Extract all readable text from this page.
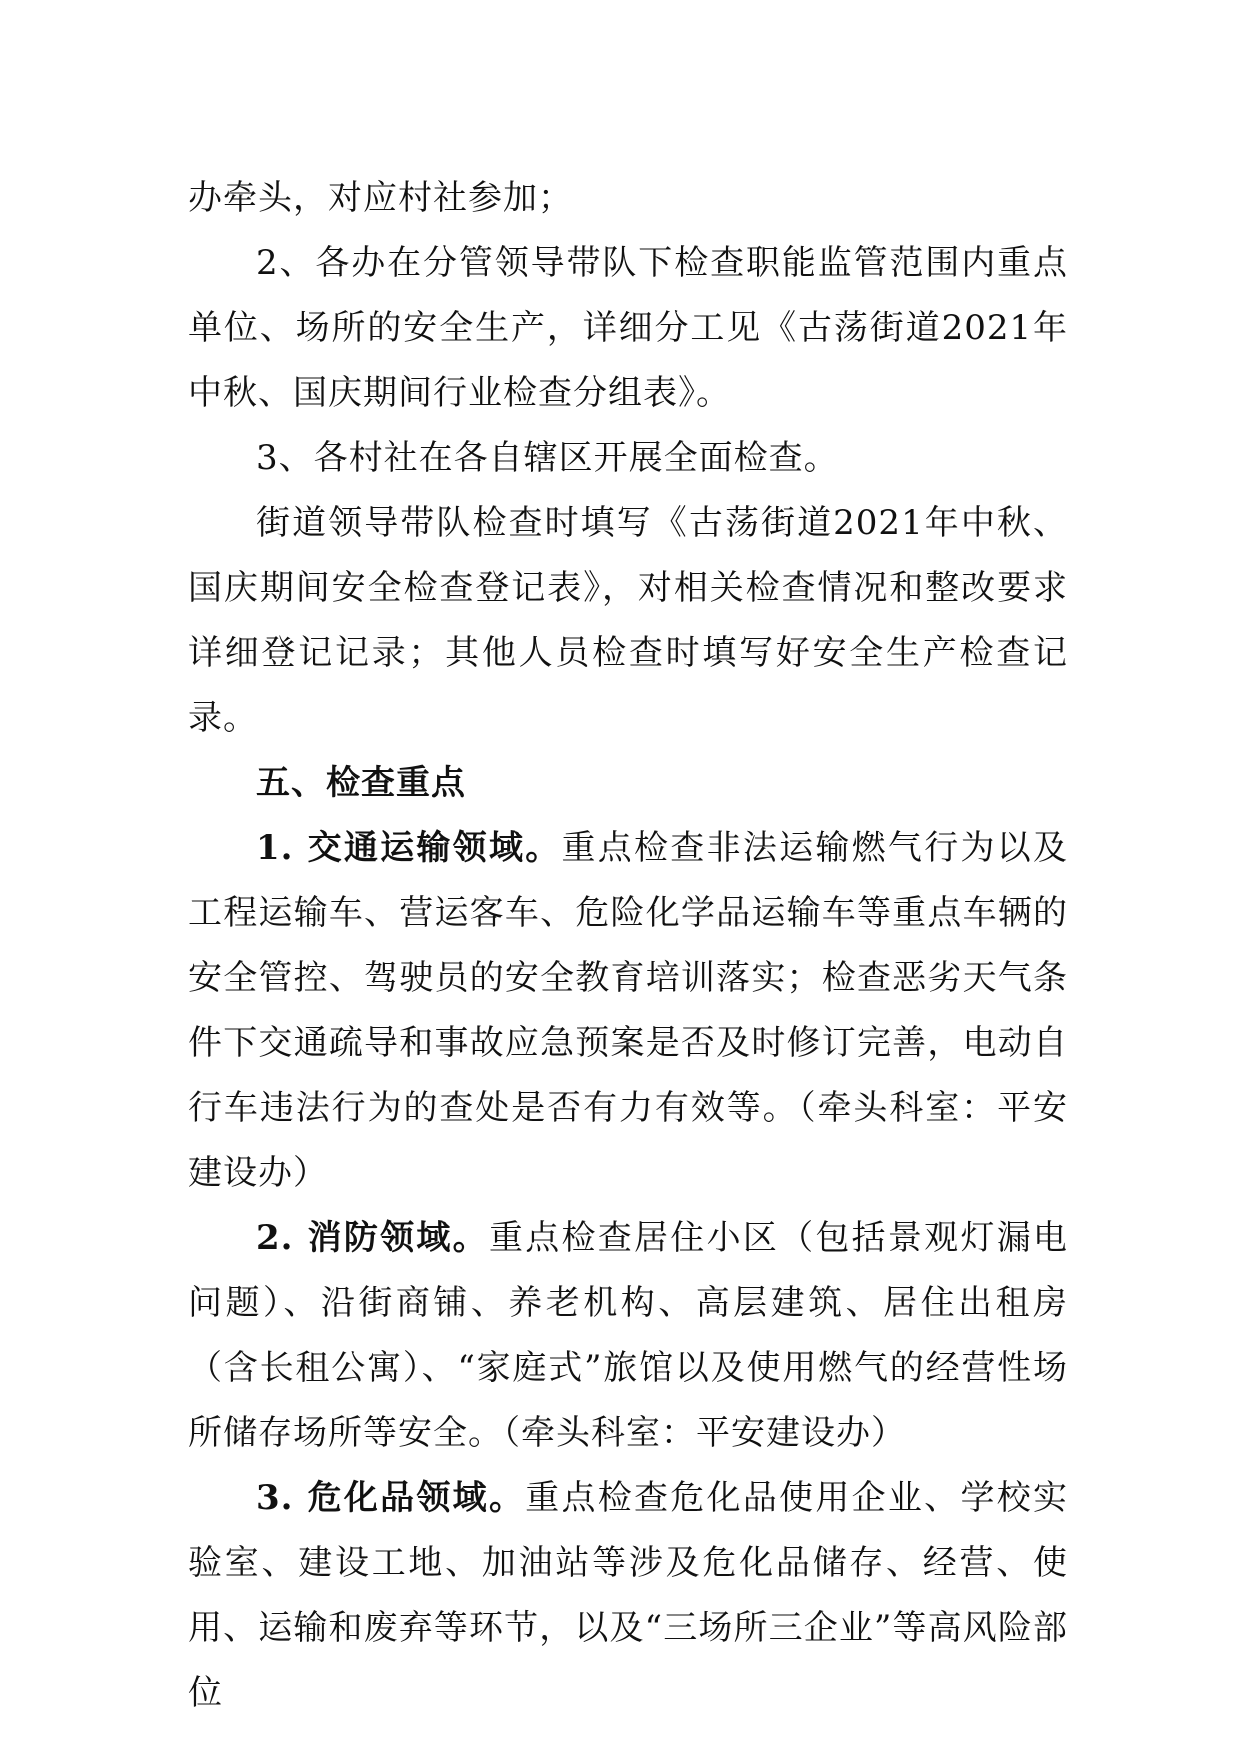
办牵头，对应村社参加；

2、各办在分管领导带队下检查职能监管范围内重点单位、场所的安全生产，详细分工见《古荡街道2021年中秋、国庆期间行业检查分组表》。

3、各村社在各自辖区开展全面检查。

街道领导带队检查时填写《古荡街道2021年中秋、国庆期间安全检查登记表》，对相关检查情况和整改要求详细登记记录；其他人员检查时填写好安全生产检查记录。

五、检查重点

1. 交通运输领域。重点检查非法运输燃气行为以及工程运输车、营运客车、危险化学品运输车等重点车辆的安全管控、驾驶员的安全教育培训落实；检查恶劣天气条件下交通疏导和事故应急预案是否及时修订完善，电动自行车违法行为的查处是否有力有效等。（牵头科室：平安建设办）

2. 消防领域。重点检查居住小区（包括景观灯漏电问题）、沿街商铺、养老机构、高层建筑、居住出租房（含长租公寓）、“家庭式”旅馆以及使用燃气的经营性场所储存场所等安全。（牵头科室：平安建设办）

3. 危化品领域。重点检查危化品使用企业、学校实验室、建设工地、加油站等涉及危化品储存、经营、使用、运输和废弃等环节，以及“三场所三企业”等高风险部位
